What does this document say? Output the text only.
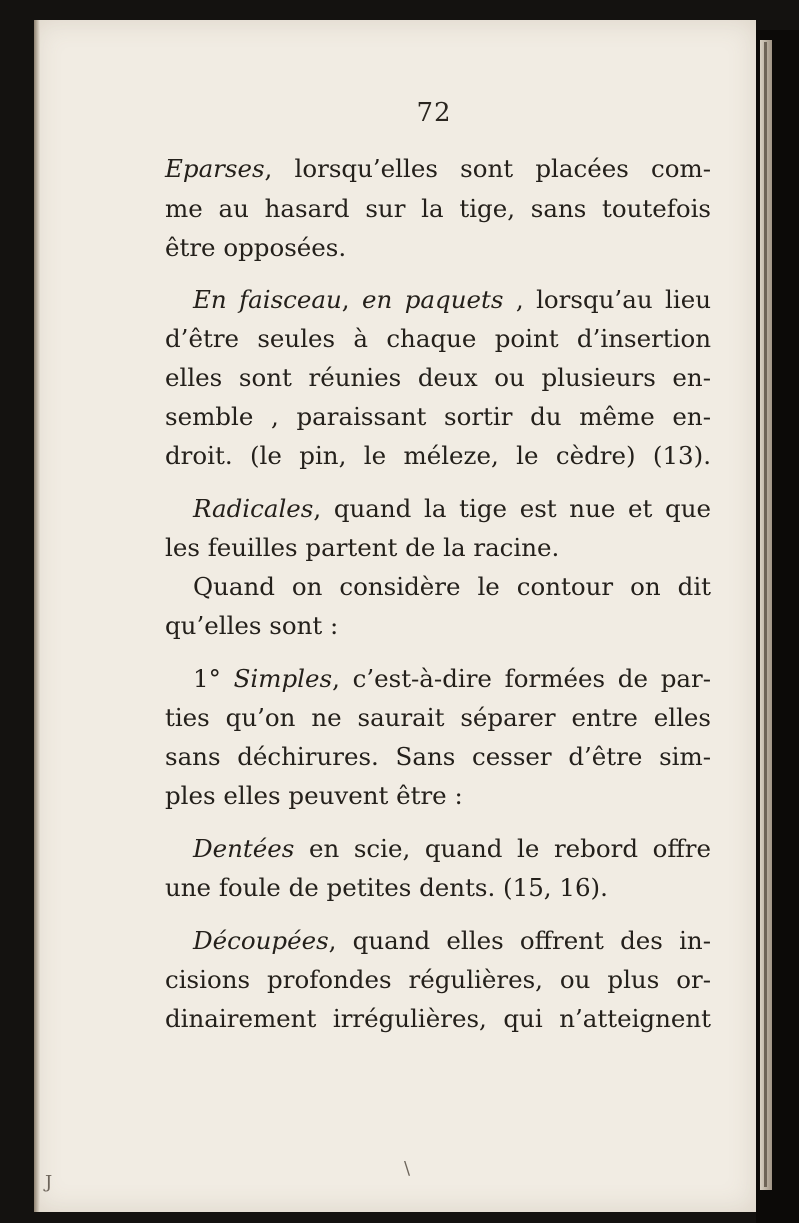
72
Eparses, lorsqu’elles sont placées com-
me au hasard sur la tige, sans toutefois
être opposées.
En faisceau, en paquets , lorsqu’au lieu
d’être seules à chaque point d’insertion
elles sont réunies deux ou plusieurs en-
semble , paraissant sortir du même en-
droit. (le pin, le méleze, le cèdre) (13).
Radicales, quand la tige est nue et que
les feuilles partent de la racine.
Quand on considère le contour on dit
qu’elles sont :
1° Simples, c’est-à-dire formées de par-
ties qu’on ne saurait séparer entre elles
sans déchirures. Sans cesser d’être sim-
ples elles peuvent être :
Dentées en scie, quand le rebord offre
une foule de petites dents. (15, 16).
Découpées, quand elles offrent des in-
cisions profondes régulières, ou plus or-
dinairement irrégulières, qui n’atteignent
\
J
